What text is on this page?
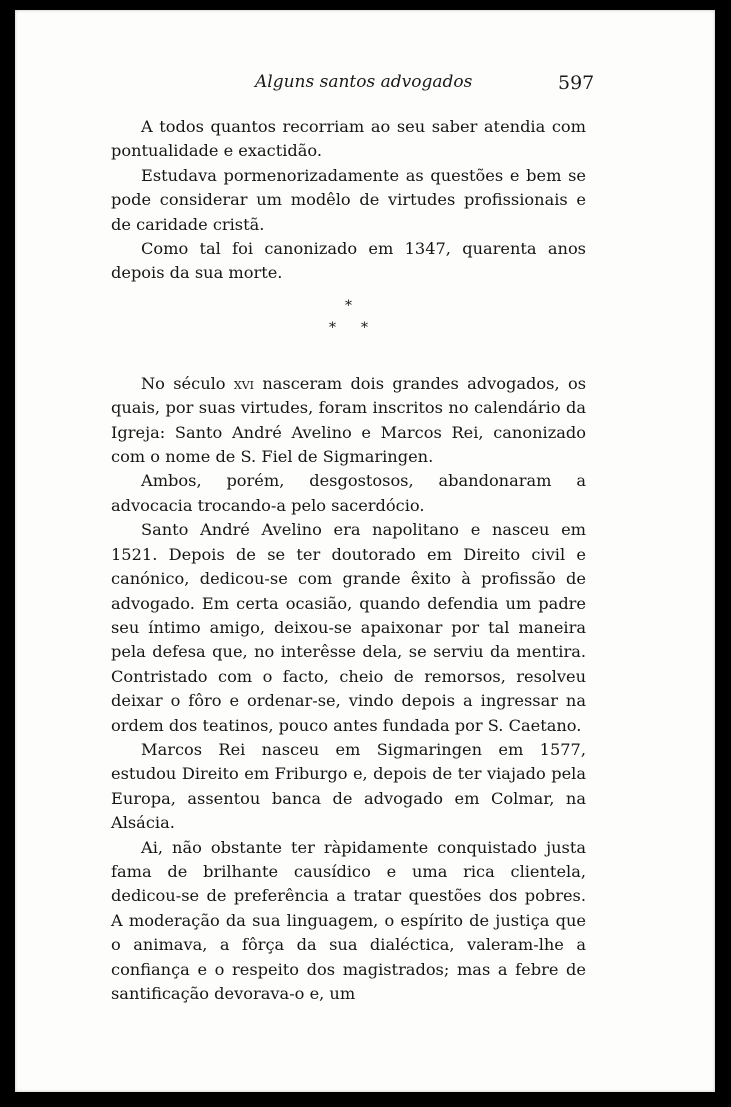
Alguns santos advogados	597

A todos quantos recorriam ao seu saber atendia com pontualidade e exactidão.

Estudava pormenorizadamente as questões e bem se pode considerar um modêlo de virtudes profissionais e de caridade cristã.

Como tal foi canonizado em 1347, quarenta anos depois da sua morte.

*
* *

No século xvi nasceram dois grandes advogados, os quais, por suas virtudes, foram inscritos no calendário da Igreja: Santo André Avelino e Marcos Rei, canonizado com o nome de S. Fiel de Sigmaringen.

Ambos, porém, desgostosos, abandonaram a advocacia trocando-a pelo sacerdócio.

Santo André Avelino era napolitano e nasceu em 1521. Depois de se ter doutorado em Direito civil e canónico, dedicou-se com grande êxito à profissão de advogado. Em certa ocasião, quando defendia um padre seu íntimo amigo, deixou-se apaixonar por tal maneira pela defesa que, no interêsse dela, se serviu da mentira. Contristado com o facto, cheio de remorsos, resolveu deixar o fôro e ordenar-se, vindo depois a ingressar na ordem dos teatinos, pouco antes fundada por S. Caetano.

Marcos Rei nasceu em Sigmaringen em 1577, estudou Direito em Friburgo e, depois de ter viajado pela Europa, assentou banca de advogado em Colmar, na Alsácia.

Ai, não obstante ter ràpidamente conquistado justa fama de brilhante causídico e uma rica clientela, dedicou-se de preferência a tratar questões dos pobres. A moderação da sua linguagem, o espírito de justiça que o animava, a fôrça da sua dialéctica, valeram-lhe a confiança e o respeito dos magistrados; mas a febre de santificação devorava-o e, um
